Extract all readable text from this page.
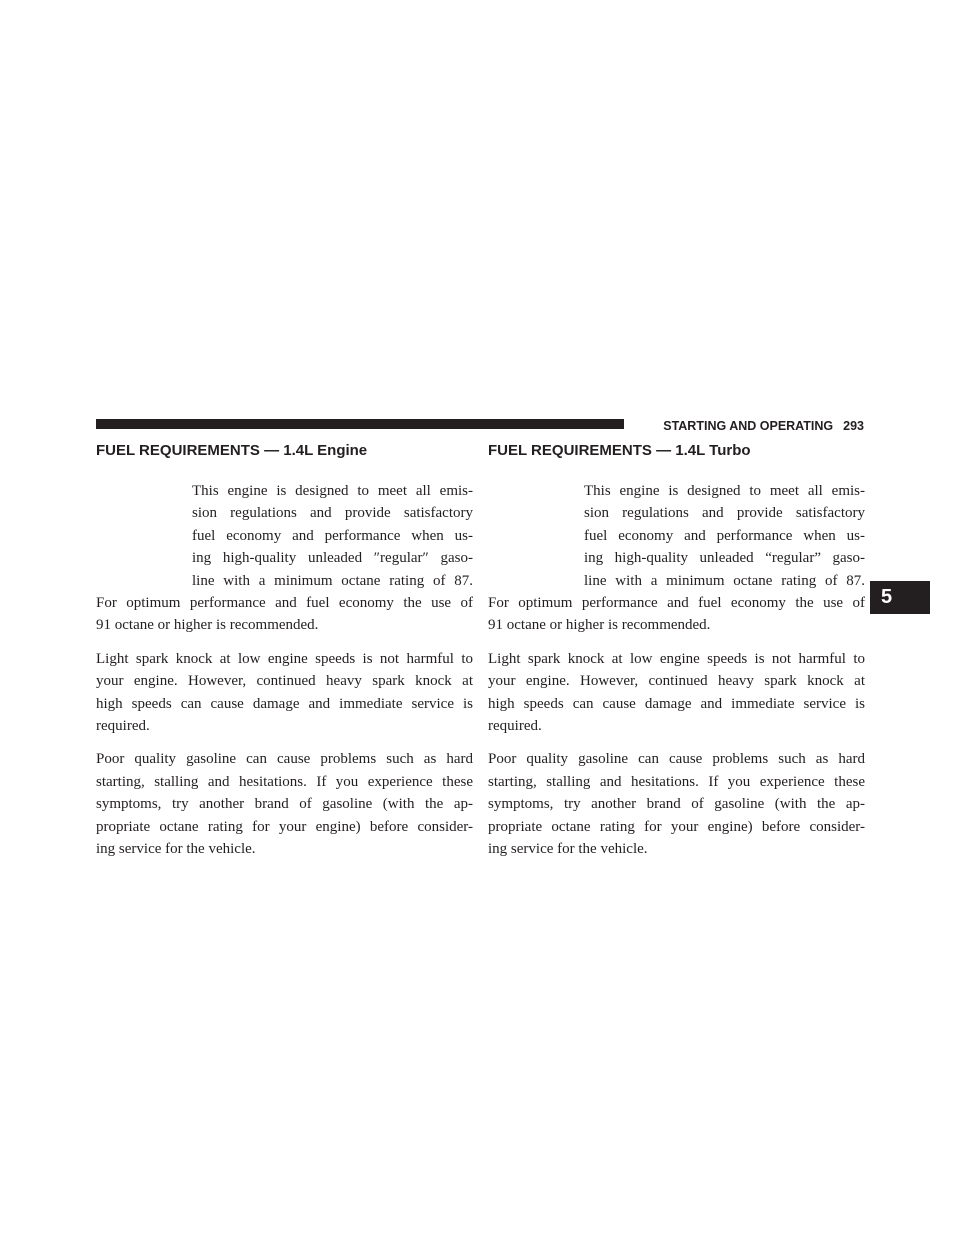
STARTING AND OPERATING 293
5
FUEL REQUIREMENTS — 1.4L Engine
This engine is designed to meet all emis-
sion regulations and provide satisfactory
fuel economy and performance when us-
ing high-quality unleaded ″regular″ gaso-
line with a minimum octane rating of 87.
For optimum performance and fuel economy the use of
91 octane or higher is recommended.
Light spark knock at low engine speeds is not harmful to
your engine. However, continued heavy spark knock at
high speeds can cause damage and immediate service is
required.
Poor quality gasoline can cause problems such as hard
starting, stalling and hesitations. If you experience these
symptoms, try another brand of gasoline (with the ap-
propriate octane rating for your engine) before consider-
ing service for the vehicle.
FUEL REQUIREMENTS — 1.4L Turbo
This engine is designed to meet all emis-
sion regulations and provide satisfactory
fuel economy and performance when us-
ing high-quality unleaded “regular” gaso-
line with a minimum octane rating of 87.
For optimum performance and fuel economy the use of
91 octane or higher is recommended.
Light spark knock at low engine speeds is not harmful to
your engine. However, continued heavy spark knock at
high speeds can cause damage and immediate service is
required.
Poor quality gasoline can cause problems such as hard
starting, stalling and hesitations. If you experience these
symptoms, try another brand of gasoline (with the ap-
propriate octane rating for your engine) before consider-
ing service for the vehicle.
